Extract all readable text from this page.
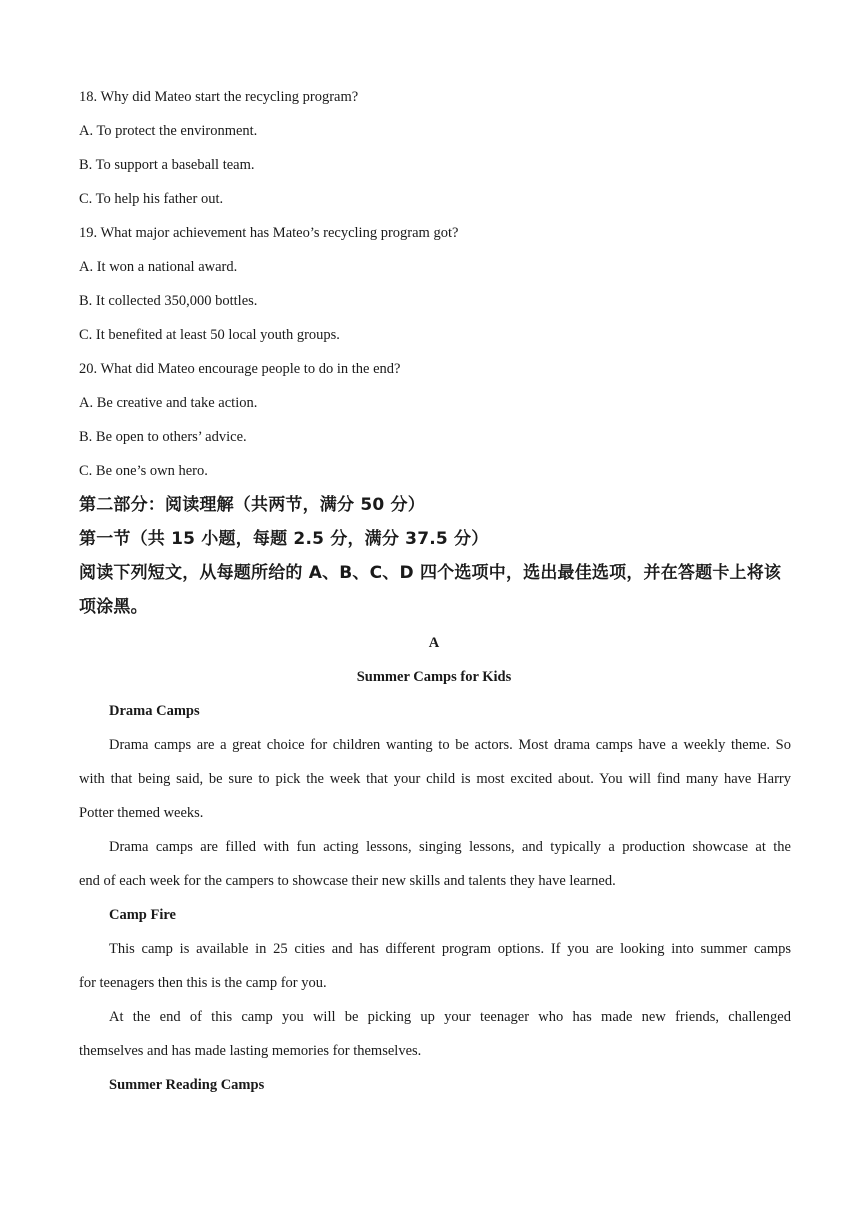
18. Why did Mateo start the recycling program?
A. To protect the environment.
B. To support a baseball team.
C. To help his father out.
19. What major achievement has Mateo’s recycling program got?
A. It won a national award.
B. It collected 350,000 bottles.
C. It benefited at least 50 local youth groups.
20. What did Mateo encourage people to do in the end?
A. Be creative and take action.
B. Be open to others’ advice.
C. Be one’s own hero.
第二部分：阅读理解（共两节，满分 50 分）
第一节（共 15 小题，每题 2.5 分，满分 37.5 分）
阅读下列短文，从每题所给的 A、B、C、D 四个选项中，选出最佳选项，并在答题卡上将该
项涂黑。
A
Summer Camps for Kids
Drama Camps
Drama camps are a great choice for children wanting to be actors. Most drama camps have a weekly theme. So
with that being said, be sure to pick the week that your child is most excited about. You will find many have Harry
Potter themed weeks.
Drama camps are filled with fun acting lessons, singing lessons, and typically a production showcase at the
end of each week for the campers to showcase their new skills and talents they have learned.
Camp Fire
This camp is available in 25 cities and has different program options. If you are looking into summer camps
for teenagers then this is the camp for you.
At the end of this camp you will be picking up your teenager who has made new friends, challenged
themselves and has made lasting memories for themselves.
Summer Reading Camps
